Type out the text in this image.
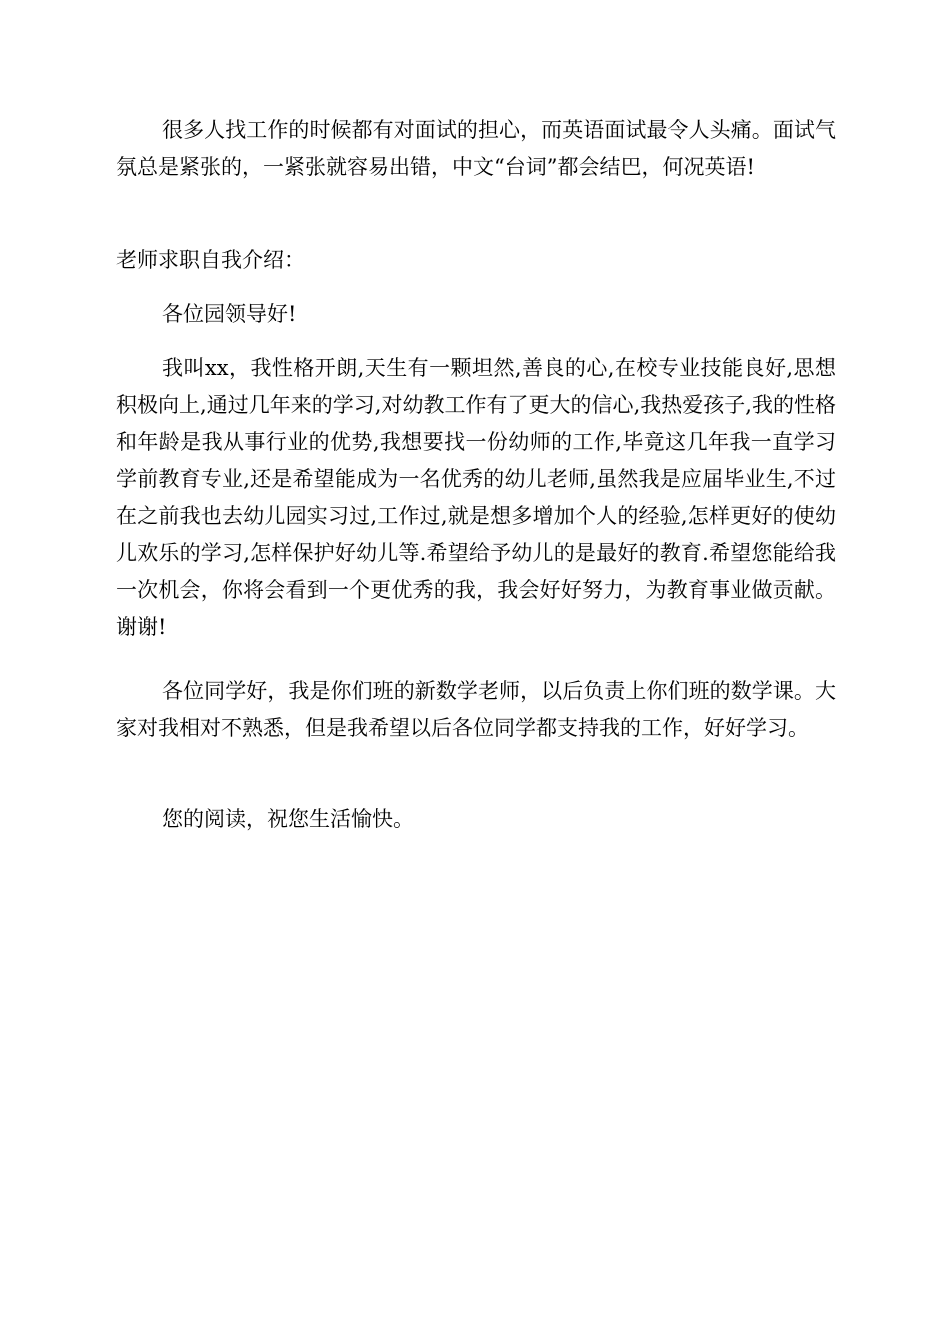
很多人找工作的时候都有对面试的担心，而英语面试最令人头痛。面试气氛总是紧张的，一紧张就容易出错，中文“台词”都会结巴，何况英语!

老师求职自我介绍：

各位园领导好!

我叫xx，我性格开朗,天生有一颗坦然,善良的心,在校专业技能良好,思想积极向上,通过几年来的学习,对幼教工作有了更大的信心,我热爱孩子,我的性格和年龄是我从事行业的优势,我想要找一份幼师的工作,毕竟这几年我一直学习学前教育专业,还是希望能成为一名优秀的幼儿老师,虽然我是应届毕业生,不过在之前我也去幼儿园实习过,工作过,就是想多增加个人的经验,怎样更好的使幼儿欢乐的学习,怎样保护好幼儿等.希望给予幼儿的是最好的教育.希望您能给我一次机会，你将会看到一个更优秀的我，我会好好努力，为教育事业做贡献。谢谢!

各位同学好，我是你们班的新数学老师，以后负责上你们班的数学课。大家对我相对不熟悉，但是我希望以后各位同学都支持我的工作，好好学习。

您的阅读，祝您生活愉快。
